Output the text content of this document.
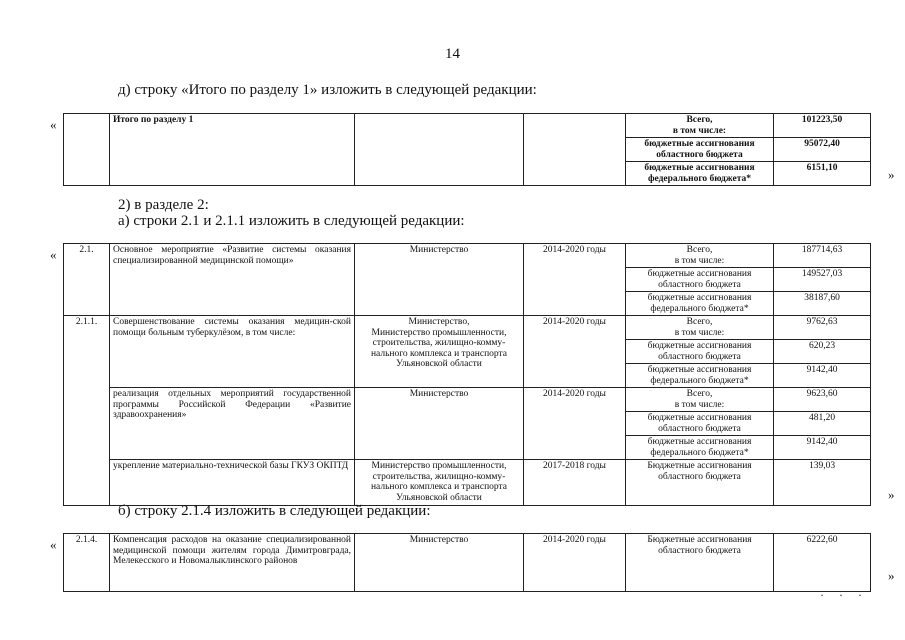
14
д) строку «Итого по разделу 1» изложить в следующей редакции:
«
		Итого по разделу 1			Всего,
в том числе:	101223,50
				бюджетные ассигнования
областного бюджета	95072,40
				бюджетные ассигнования
федерального бюджета*	6151,10	»
2) в разделе 2:
а) строки 2.1 и 2.1.1 изложить в следующей редакции:
« 2.1.	Основное мероприятие «Развитие системы оказания специализированной медицинской помощи»	Министерство	2014-2020 годы	Всего,
в том числе:	187714,63
				бюджетные ассигнования
областного бюджета	149527,03
				бюджетные ассигнования
федерального бюджета*	38187,60
2.1.1.	Совершенствование системы оказания медицин-ской помощи больным туберкулёзом, в том числе:	Министерство,
Министерство промышленности,
строительства, жилищно-комму-
нального комплекса и транспорта
Ульяновской области	2014-2020 годы	Всего,
в том числе:	9762,63
				бюджетные ассигнования
областного бюджета	620,23
				бюджетные ассигнования
федерального бюджета*	9142,40
	реализация отдельных мероприятий государственной программы Российской Федерации «Развитие здравоохранения»	Министерство	2014-2020 годы	Всего,
в том числе:	9623,60
				бюджетные ассигнования
областного бюджета	481,20
				бюджетные ассигнования
федерального бюджета*	9142,40
	укрепление материально-технической базы ГКУЗ ОКПТД	Министерство промышленности,
строительства, жилищно-комму-
нального комплекса и транспорта
Ульяновской области	2017-2018 годы	Бюджетные ассигнования
областного бюджета	139,03
»
б) строку 2.1.4 изложить в следующей редакции:
« 2.1.4.	Компенсация расходов на оказание специализированной медицинской помощи жителям города Димитровграда, Мелекесского и Новомалыклинского районов	Министерство	2014-2020 годы	Бюджетные ассигнования
областного бюджета	6222,60
»
· · ·
